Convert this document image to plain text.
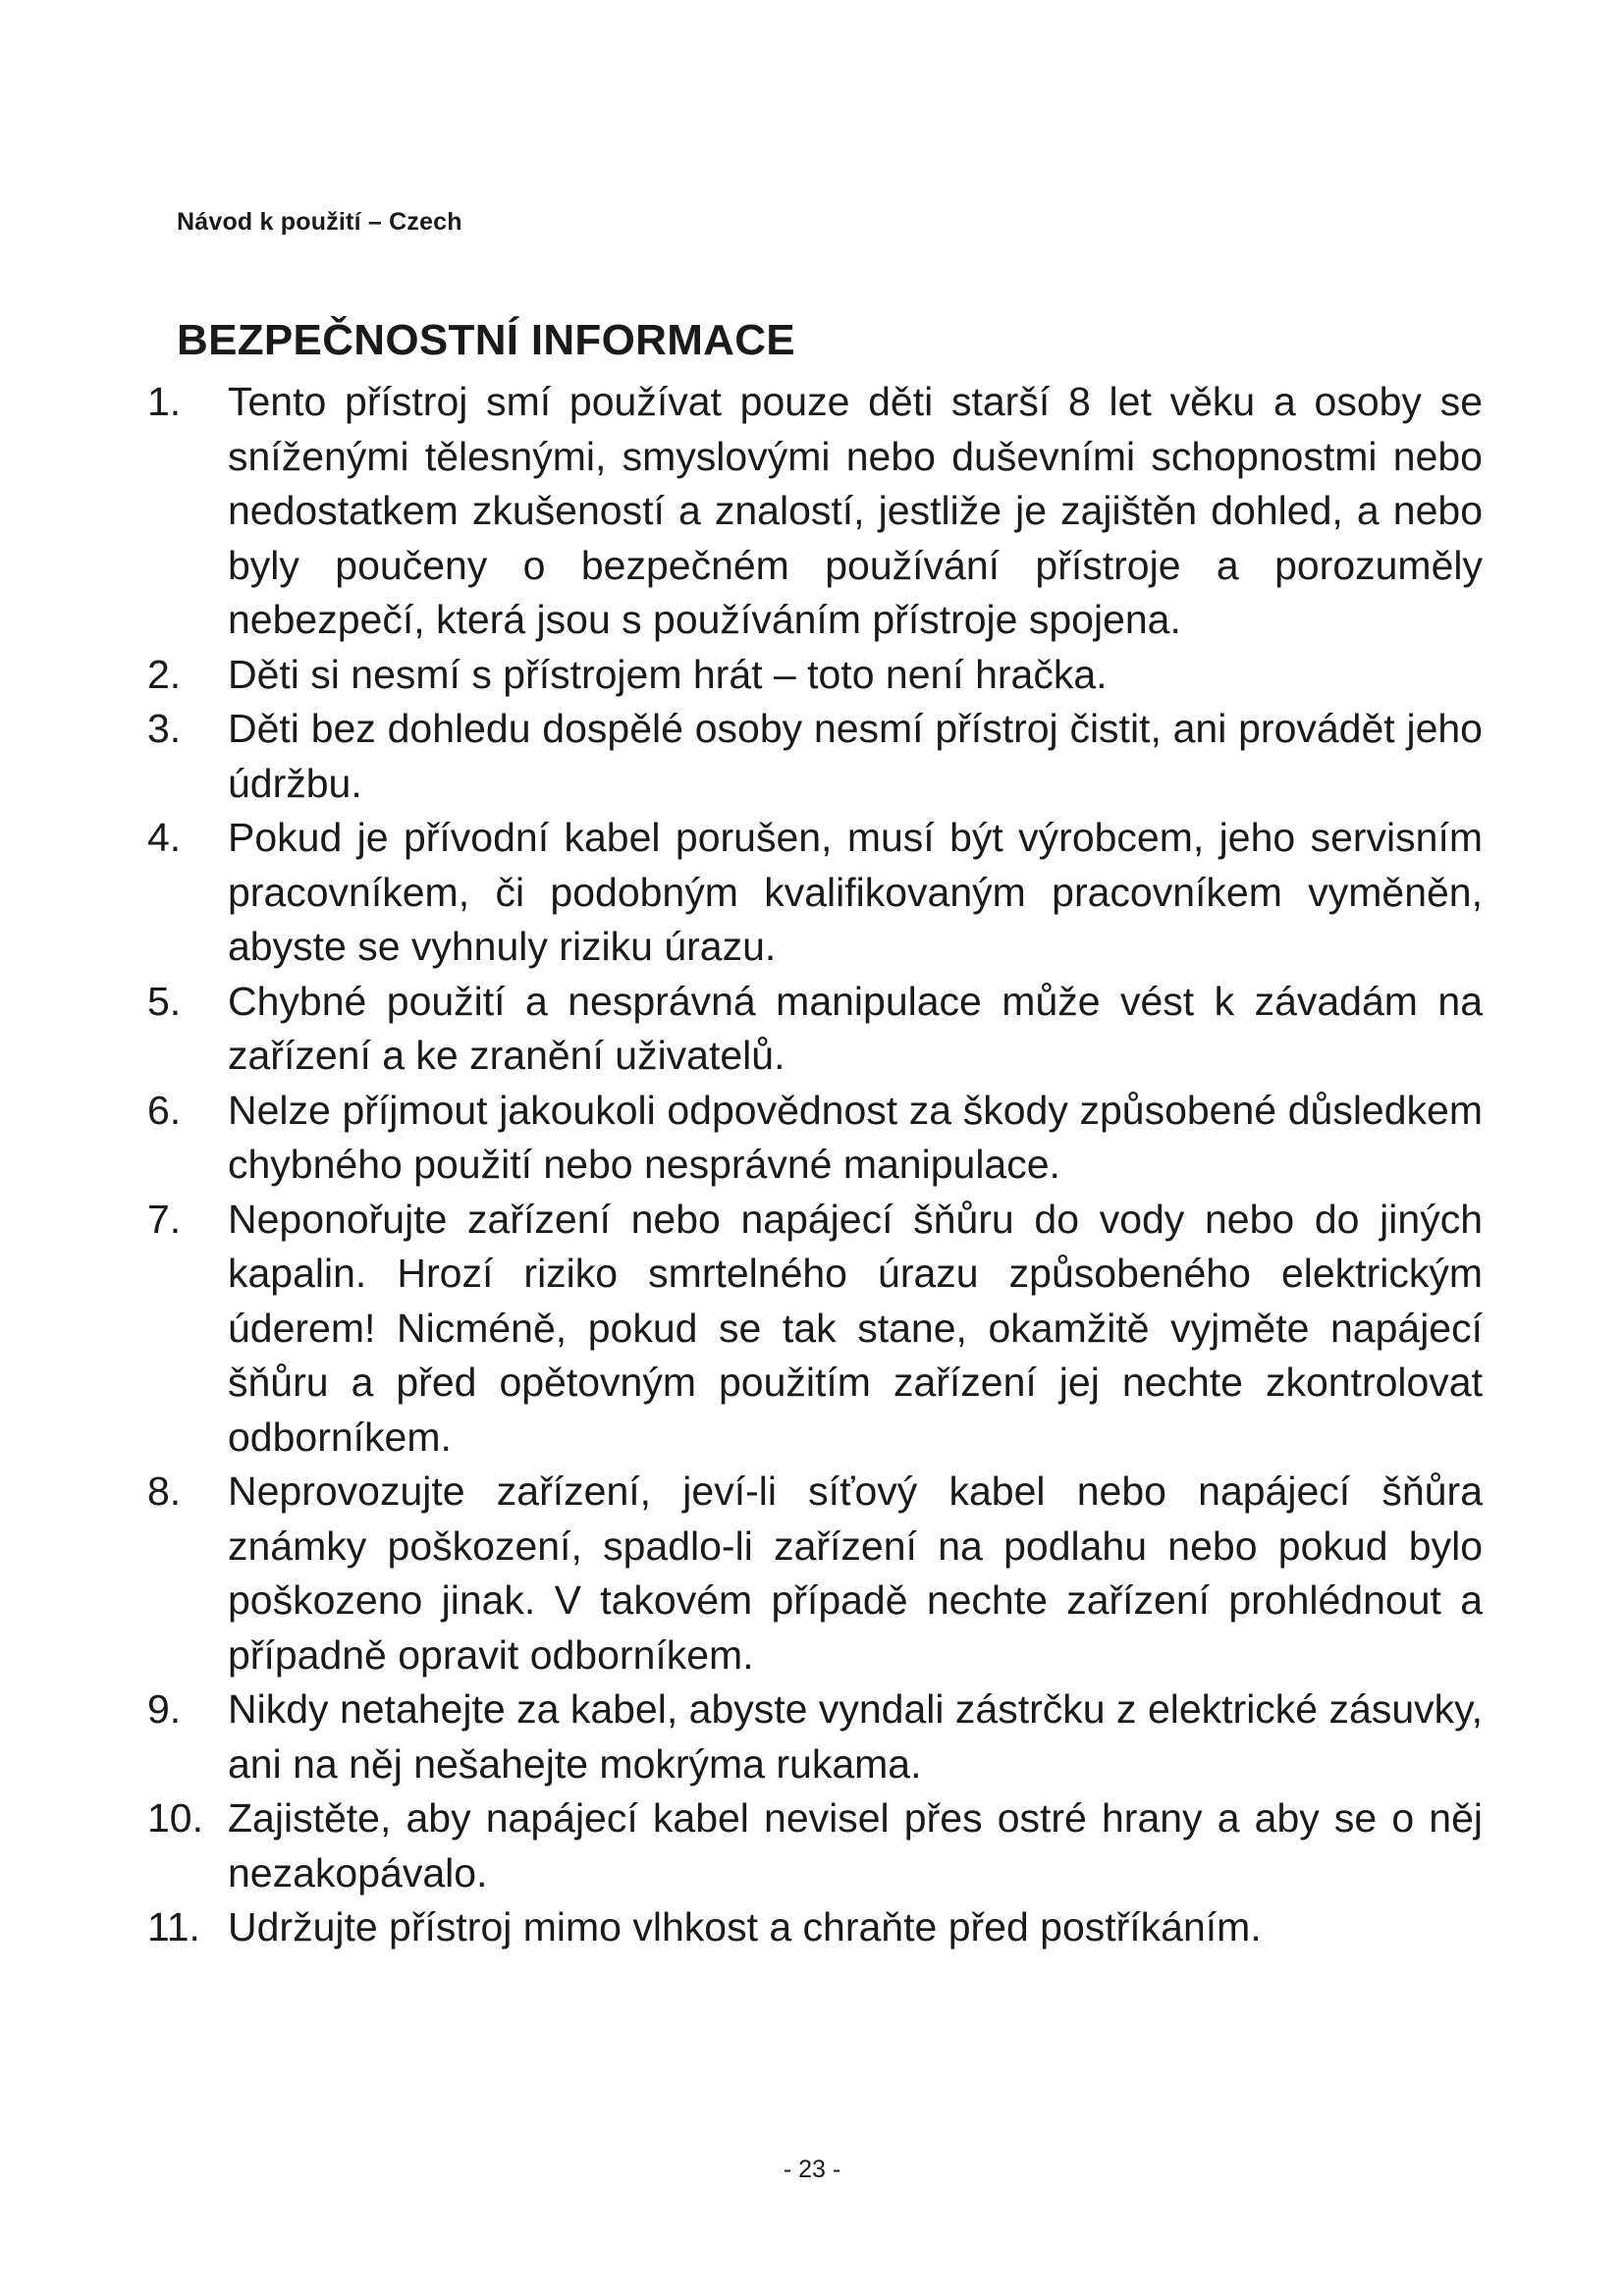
Návod k použití – Czech
BEZPEČNOSTNÍ INFORMACE
1.	Tento přístroj smí používat pouze děti starší 8 let věku a osoby se sníženými tělesnými, smyslovými nebo duševními schopnostmi nebo nedostatkem zkušeností a znalostí, jestliže je zajištěn dohled, a nebo byly poučeny o bezpečném používání přístroje a porozuměly nebezpečí, která jsou s používáním přístroje spojena.
2.	Děti si nesmí s přístrojem hrát – toto není hračka.
3.	Děti bez dohledu dospělé osoby nesmí přístroj čistit, ani provádět jeho údržbu.
4.	Pokud je přívodní kabel porušen, musí být výrobcem, jeho servisním pracovníkem, či podobným kvalifikovaným pracovníkem vyměněn, abyste se vyhnuly riziku úrazu.
5.	Chybné použití a nesprávná manipulace může vést k závadám na zařízení a ke zranění uživatelů.
6.	Nelze příjmout jakoukoli odpovědnost za škody způsobené důsledkem chybného použití nebo nesprávné manipulace.
7.	Neponořujte zařízení nebo napájecí šňůru do vody nebo do jiných kapalin. Hrozí riziko smrtelného úrazu způsobeného elektrickým úderem! Nicméně, pokud se tak stane, okamžitě vyjměte napájecí šňůru a před opětovným použitím zařízení jej nechte zkontrolovat odborníkem.
8.	Neprovozujte zařízení, jeví-li síťový kabel nebo napájecí šňůra známky poškození, spadlo-li zařízení na podlahu nebo pokud bylo poškozeno jinak. V takovém případě nechte zařízení prohlédnout a případně opravit odborníkem.
9.	Nikdy netahejte za kabel, abyste vyndali zástrčku z elektrické zásuvky, ani na něj nešahejte mokrýma rukama.
10. Zajistěte, aby napájecí kabel nevisel přes ostré hrany a aby se o něj nezakopávalo.
11. Udržujte přístroj mimo vlhkost a chraňte před postříkáním.
- 23 -
